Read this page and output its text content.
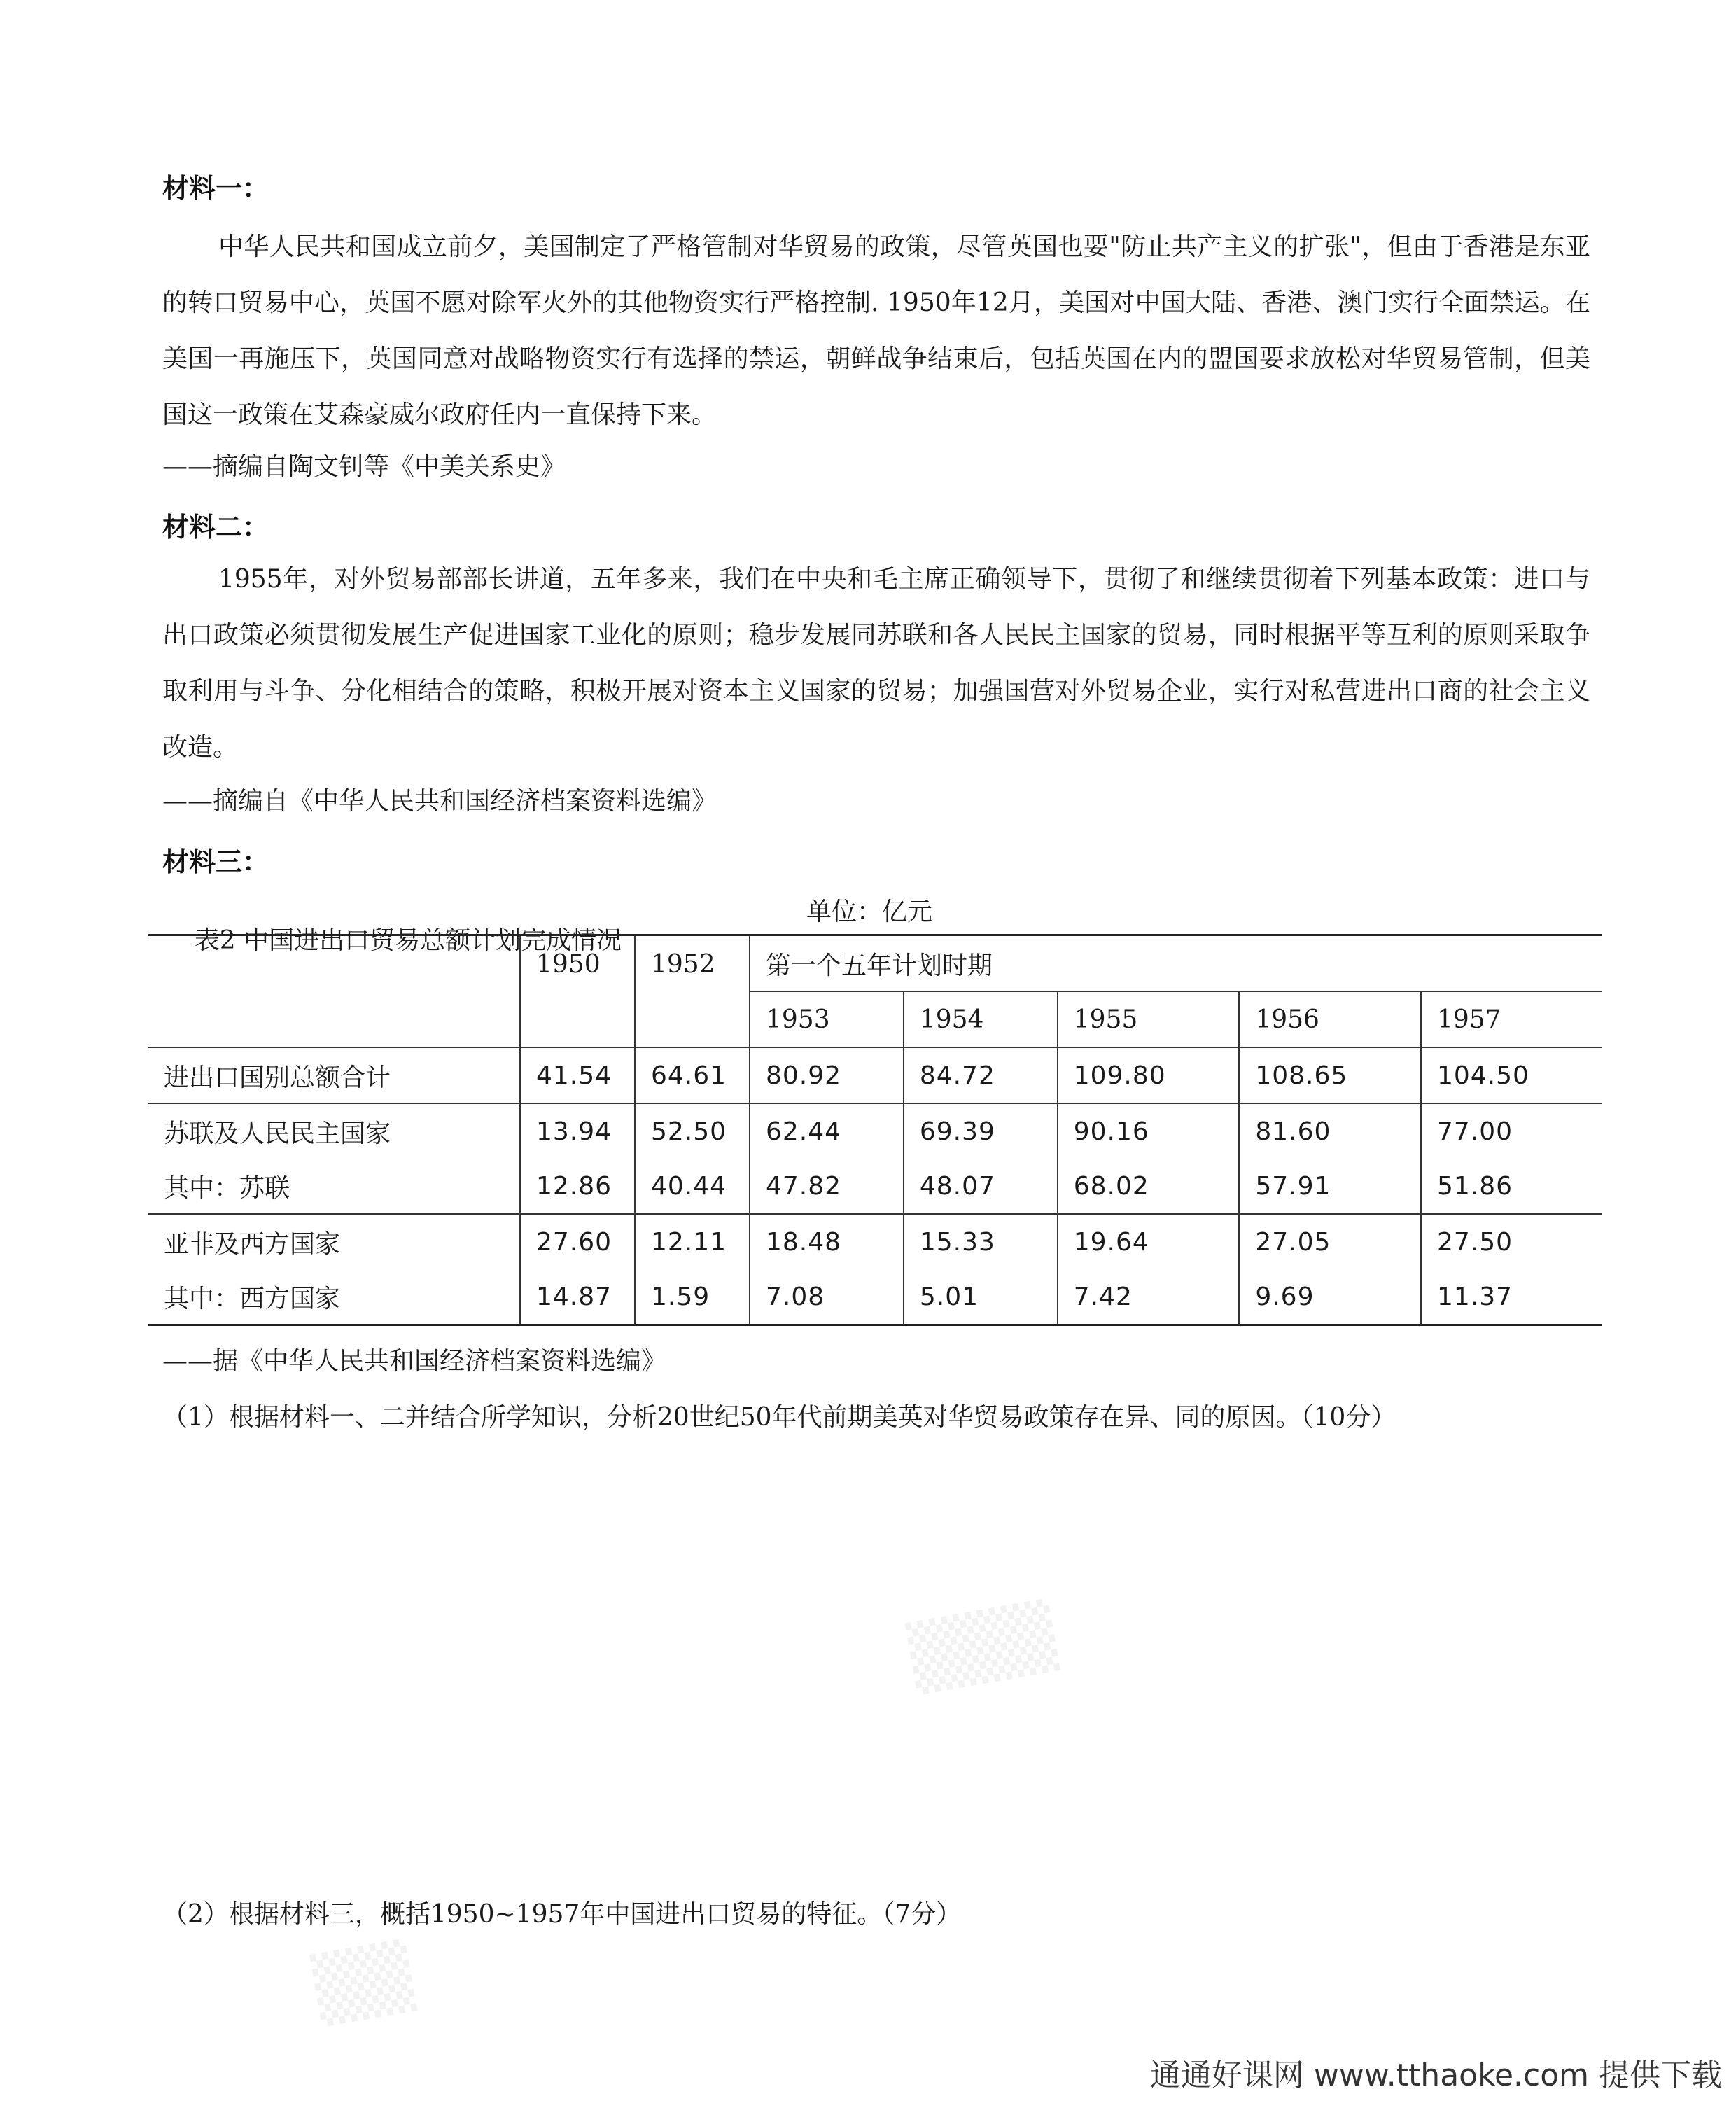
材料一：

中华人民共和国成立前夕，美国制定了严格管制对华贸易的政策，尽管英国也要"防止共产主义的扩张"，但由于香港是东亚的转口贸易中心，英国不愿对除军火外的其他物资实行严格控制. 1950年12月，美国对中国大陆、香港、澳门实行全面禁运。在美国一再施压下，英国同意对战略物资实行有选择的禁运，朝鲜战争结束后，包括英国在内的盟国要求放松对华贸易管制，但美国这一政策在艾森豪威尔政府任内一直保持下来。

——摘编自陶文钊等《中美关系史》
材料二：

1955年，对外贸易部部长讲道，五年多来，我们在中央和毛主席正确领导下，贯彻了和继续贯彻着下列基本政策：进口与出口政策必须贯彻发展生产促进国家工业化的原则；稳步发展同苏联和各人民民主国家的贸易，同时根据平等互利的原则采取争取利用与斗争、分化相结合的策略，积极开展对资本主义国家的贸易；加强国营对外贸易企业，实行对私营进出口商的社会主义改造。

——摘编自《中华人民共和国经济档案资料选编》
材料三：

表2 中国进出口贸易总额计划完成情况

单位：亿元

	1950	1952	第一个五年计划时期				
			1953	1954	1955	1956	1957
进出口国别总额合计	41.54	64.61	80.92	84.72	109.80	108.65	104.50
苏联及人民民主国家	13.94	52.50	62.44	69.39	90.16	81.60	77.00
其中：苏联	12.86	40.44	47.82	48.07	68.02	57.91	51.86
亚非及西方国家	27.60	12.11	18.48	15.33	19.64	27.05	27.50
其中：西方国家	14.87	1.59	7.08	5.01	7.42	9.69	11.37
——据《中华人民共和国经济档案资料选编》

（1）根据材料一、二并结合所学知识，分析20世纪50年代前期美英对华贸易政策存在异、同的原因。（10分）

（2）根据材料三，概括1950~1957年中国进出口贸易的特征。（7分）

▒▒▒
▒▒
通通好课网 www.tthaoke.com 提供下载
